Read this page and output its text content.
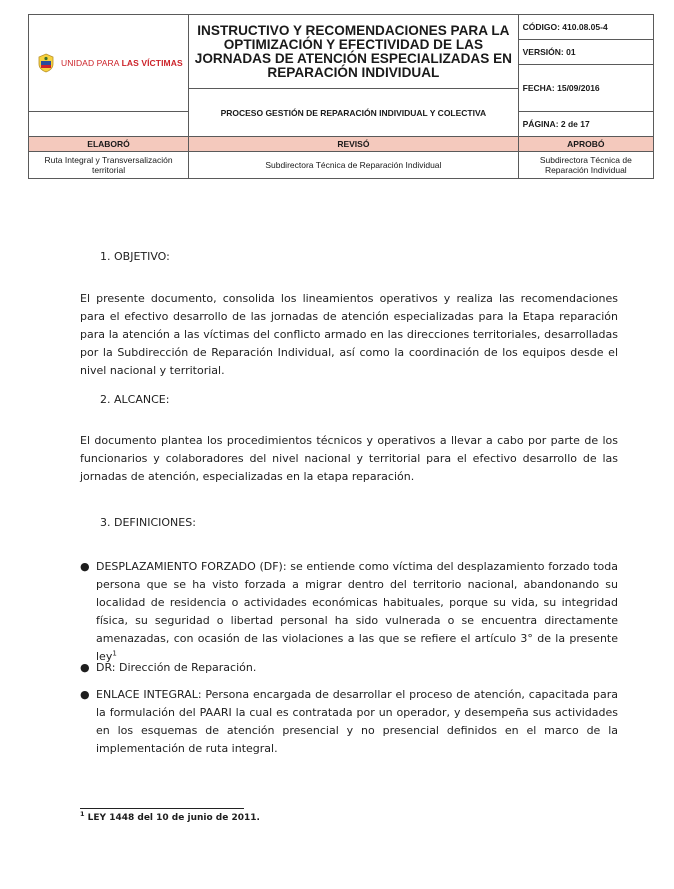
UNIDAD PARA LAS VÍCTIMAS	INSTRUCTIVO Y RECOMENDACIONES PARA LA OPTIMIZACIÓN Y EFECTIVIDAD DE LAS JORNADAS DE ATENCIÓN ESPECIALIZADAS EN REPARACIÓN INDIVIDUAL	CÓDIGO: 410.08.05-4
		VERSIÓN: 01
		FECHA: 15/09/2016
	PROCESO GESTIÓN DE REPARACIÓN INDIVIDUAL Y COLECTIVA	
		PÁGINA: 2 de 17
ELABORÓ	REVISÓ	APROBÓ
Ruta Integral y Transversalización territorial	Subdirectora Técnica de Reparación Individual	Subdirectora Técnica de Reparación Individual
1. OBJETIVO:
El presente documento, consolida los lineamientos operativos y realiza las recomendaciones para el efectivo desarrollo de las jornadas de atención especializadas para la Etapa reparación para la atención a las víctimas del conflicto armado en las direcciones territoriales, desarrolladas por la Subdirección de Reparación Individual, así como la coordinación de los equipos desde el nivel nacional y territorial.
2. ALCANCE:
El documento plantea los procedimientos técnicos y operativos a llevar a cabo por parte de los funcionarios y colaboradores del nivel nacional y territorial para el efectivo desarrollo de las jornadas de atención, especializadas en la etapa reparación.
3. DEFINICIONES:
● DESPLAZAMIENTO FORZADO (DF): se entiende como víctima del desplazamiento forzado toda persona que se ha visto forzada a migrar dentro del territorio nacional, abandonando su localidad de residencia o actividades económicas habituales, porque su vida, su integridad física, su seguridad o libertad personal ha sido vulnerada o se encuentra directamente amenazadas, con ocasión de las violaciones a las que se refiere el artículo 3° de la presente ley$^1$
● DR: Dirección de Reparación.
● ENLACE INTEGRAL: Persona encargada de desarrollar el proceso de atención, capacitada para la formulación del PAARI la cual es contratada por un operador, y desempeña sus actividades en los esquemas de atención presencial y no presencial definidos en el marco de la implementación de ruta integral.
$^1$ LEY 1448 del 10 de junio de 2011.
